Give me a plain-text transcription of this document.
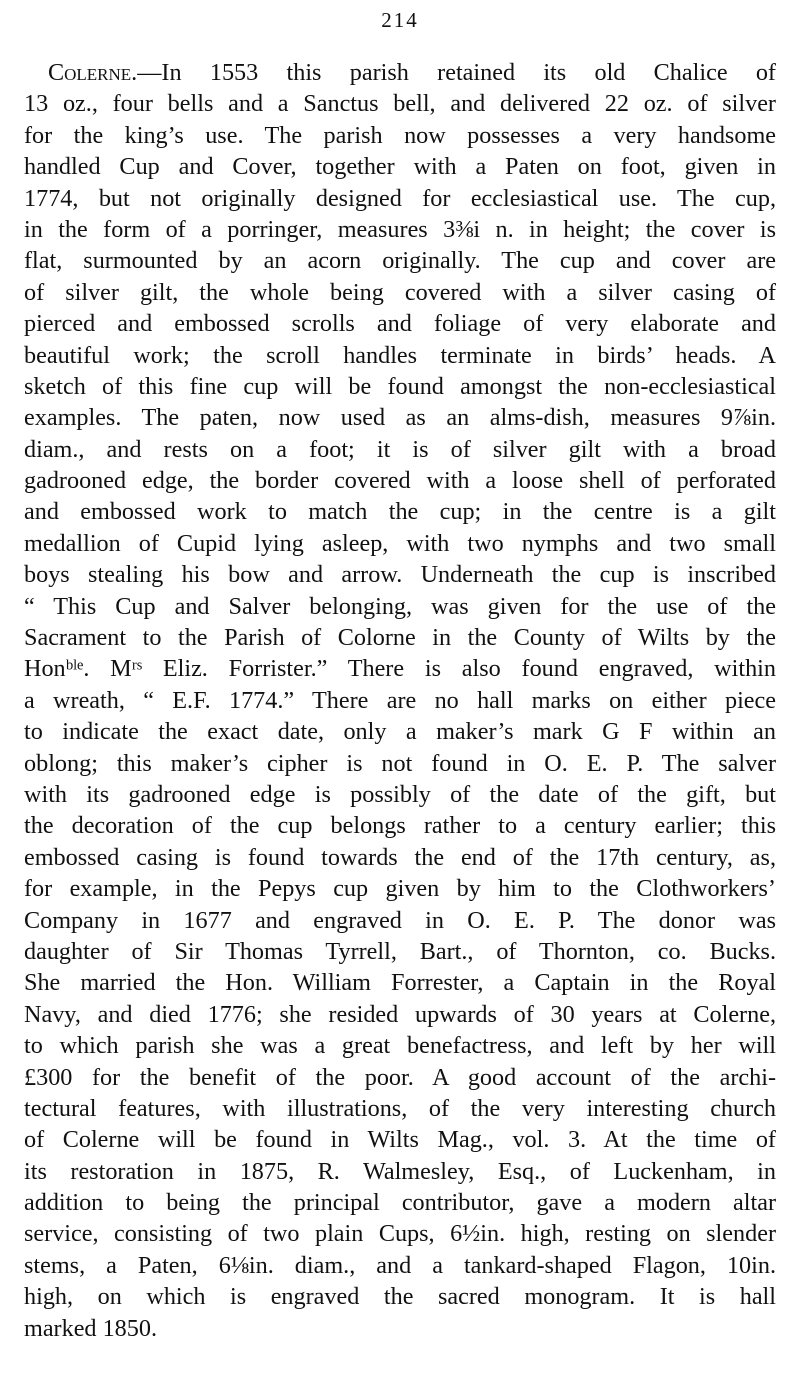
214
Colerne.—In 1553 this parish retained its old Chalice of
13 oz., four bells and a Sanctus bell, and delivered 22 oz. of silver
for the king’s use. The parish now possesses a very handsome
handled Cup and Cover, together with a Paten on foot, given in
1774, but not originally designed for ecclesiastical use. The cup,
in the form of a porringer, measures 3⅜i n. in height; the cover is
flat, surmounted by an acorn originally. The cup and cover are
of silver gilt, the whole being covered with a silver casing of
pierced and embossed scrolls and foliage of very elaborate and
beautiful work; the scroll handles terminate in birds’ heads. A
sketch of this fine cup will be found amongst the non-ecclesiastical
examples. The paten, now used as an alms-dish, measures 9⅞in.
diam., and rests on a foot; it is of silver gilt with a broad
gadrooned edge, the border covered with a loose shell of perforated
and embossed work to match the cup; in the centre is a gilt
medallion of Cupid lying asleep, with two nymphs and two small
boys stealing his bow and arrow. Underneath the cup is inscribed
“ This Cup and Salver belonging, was given for the use of the
Sacrament to the Parish of Colorne in the County of Wilts by the
Honᵇˡᵉ. Mʳˢ Eliz. Forrister.” There is also found engraved, within
a wreath, “ E.F. 1774.” There are no hall marks on either piece
to indicate the exact date, only a maker’s mark G F within an
oblong; this maker’s cipher is not found in O. E. P. The salver
with its gadrooned edge is possibly of the date of the gift, but
the decoration of the cup belongs rather to a century earlier; this
embossed casing is found towards the end of the 17th century, as,
for example, in the Pepys cup given by him to the Clothworkers’
Company in 1677 and engraved in O. E. P. The donor was
daughter of Sir Thomas Tyrrell, Bart., of Thornton, co. Bucks.
She married the Hon. William Forrester, a Captain in the Royal
Navy, and died 1776; she resided upwards of 30 years at Colerne,
to which parish she was a great benefactress, and left by her will
£300 for the benefit of the poor. A good account of the archi-
tectural features, with illustrations, of the very interesting church
of Colerne will be found in Wilts Mag., vol. 3. At the time of
its restoration in 1875, R. Walmesley, Esq., of Luckenham, in
addition to being the principal contributor, gave a modern altar
service, consisting of two plain Cups, 6½in. high, resting on slender
stems, a Paten, 6⅛in. diam., and a tankard-shaped Flagon, 10in.
high, on which is engraved the sacred monogram. It is hall
marked 1850.
